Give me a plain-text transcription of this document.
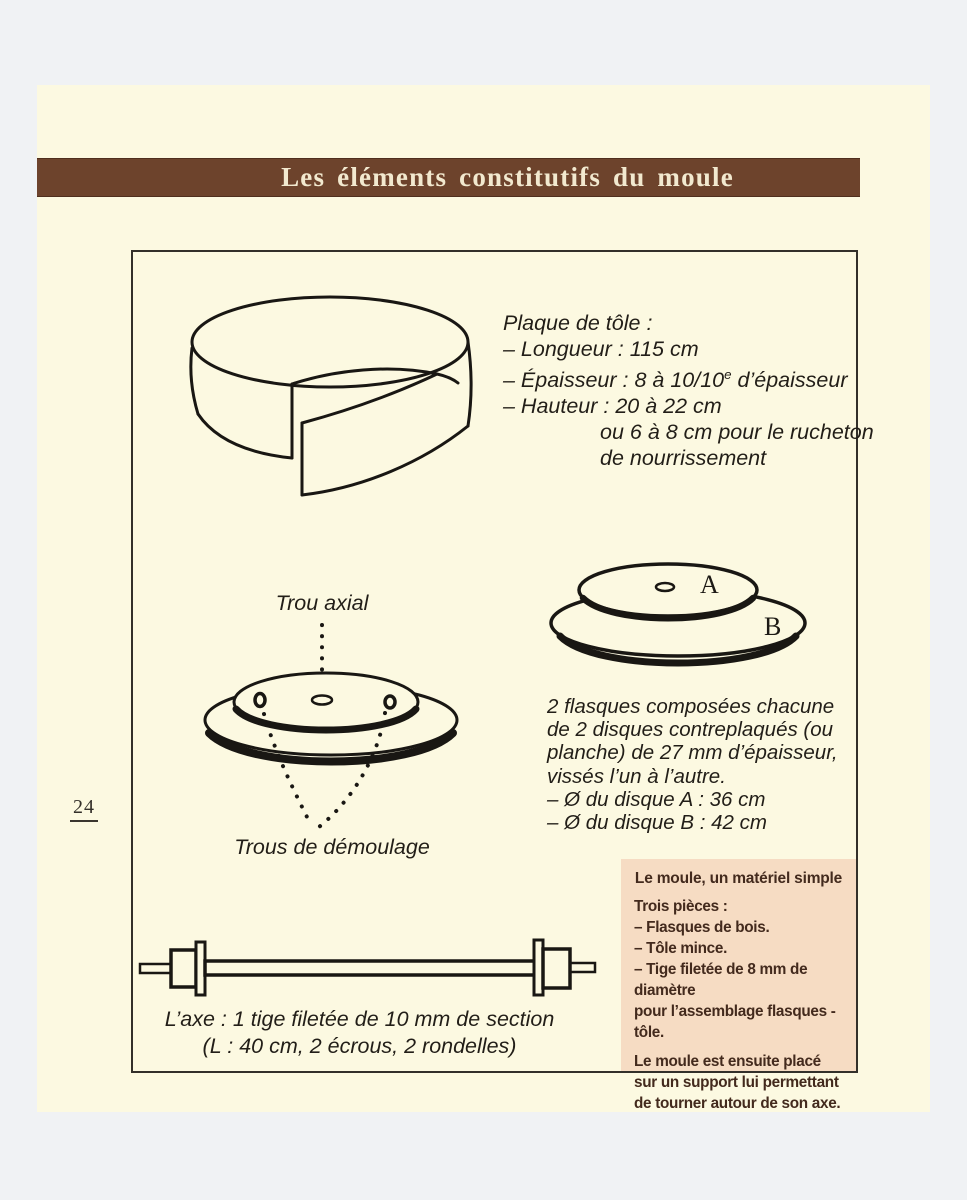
Les éléments constitutifs du moule
Plaque de tôle :
– Longueur : 115 cm
– Épaisseur : 8 à 10/10e d’épaisseur
– Hauteur : 20 à 22 cm
ou 6 à 8 cm pour le rucheton
de nourrissement
A
B
Trou axial
Trous de démoulage
2 flasques composées chacune
de 2 disques contreplaqués (ou
planche) de 27 mm d’épaisseur,
vissés l’un à l’autre.
– Ø du disque A : 36 cm
– Ø du disque B : 42 cm
L’axe : 1 tige filetée de 10 mm de section
(L : 40 cm, 2 écrous, 2 rondelles)
Le moule, un matériel simple
Trois pièces :
– Flasques de bois.
– Tôle mince.
– Tige filetée de 8 mm de diamètre
pour l’assemblage flasques - tôle.
Le moule est ensuite placé
sur un support lui permettant
de tourner autour de son axe.
24
